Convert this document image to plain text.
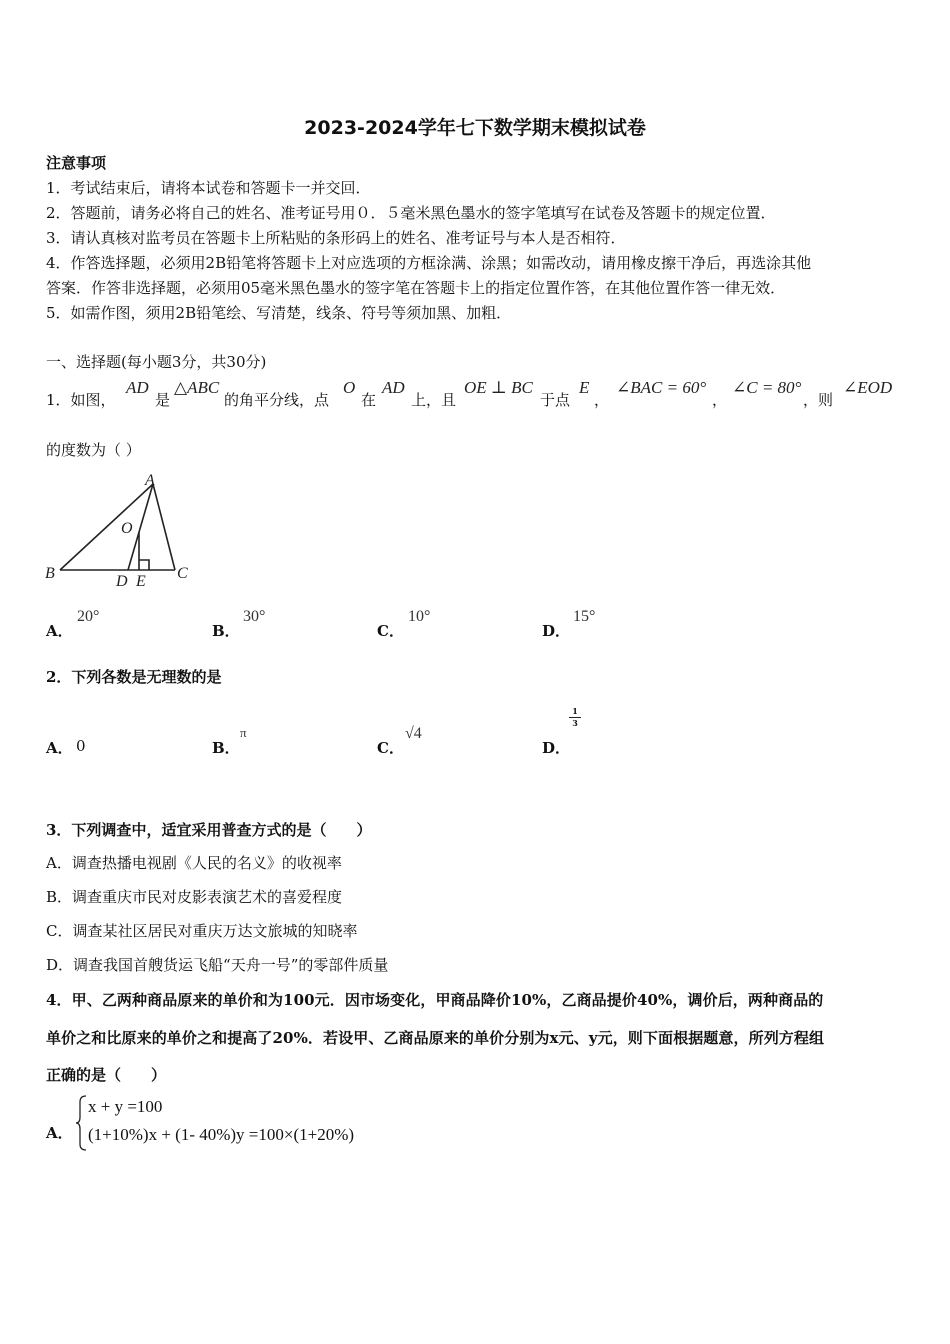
2023-2024学年七下数学期末模拟试卷
注意事项
1．考试结束后，请将本试卷和答题卡一并交回．
2．答题前，请务必将自己的姓名、准考证号用０．５毫米黑色墨水的签字笔填写在试卷及答题卡的规定位置．
3．请认真核对监考员在答题卡上所粘贴的条形码上的姓名、准考证号与本人是否相符．
4．作答选择题，必须用2B铅笔将答题卡上对应选项的方框涂满、涂黑；如需改动，请用橡皮擦干净后，再选涂其他
答案．作答非选择题，必须用05毫米黑色墨水的签字笔在答题卡上的指定位置作答，在其他位置作答一律无效．
5．如需作图，须用2B铅笔绘、写清楚，线条、符号等须加黑、加粗．
一、选择题(每小题3分，共30分)
1．如图，
AD
是
△ABC
的角平分线，点
O
在
AD
上，且
OE ⊥ BC
于点
E
，
∠BAC = 60°
，
∠C = 80°
，则
∠EOD
的度数为（ ）
A
B	C
D E
O
A．
20°
B．
30°
C．
10°
D．
15°
2．下列各数是无理数的是
A． 0	B．
π
C．
√4
D．
1
3
3．下列调查中，适宜采用普查方式的是（　　）
A．调查热播电视剧《人民的名义》的收视率
B．调查重庆市民对皮影表演艺术的喜爱程度
C．调查某社区居民对重庆万达文旅城的知晓率
D．调查我国首艘货运飞船“天舟一号”的零部件质量
4．甲、乙两种商品原来的单价和为100元．因市场变化，甲商品降价10%，乙商品提价40%，调价后，两种商品的
单价之和比原来的单价之和提高了20%．若设甲、乙商品原来的单价分别为x元、y元，则下面根据题意，所列方程组
正确的是（　　）
A．
x + y =100
(1+10%)x + (1- 40%)y =100×(1+20%)
